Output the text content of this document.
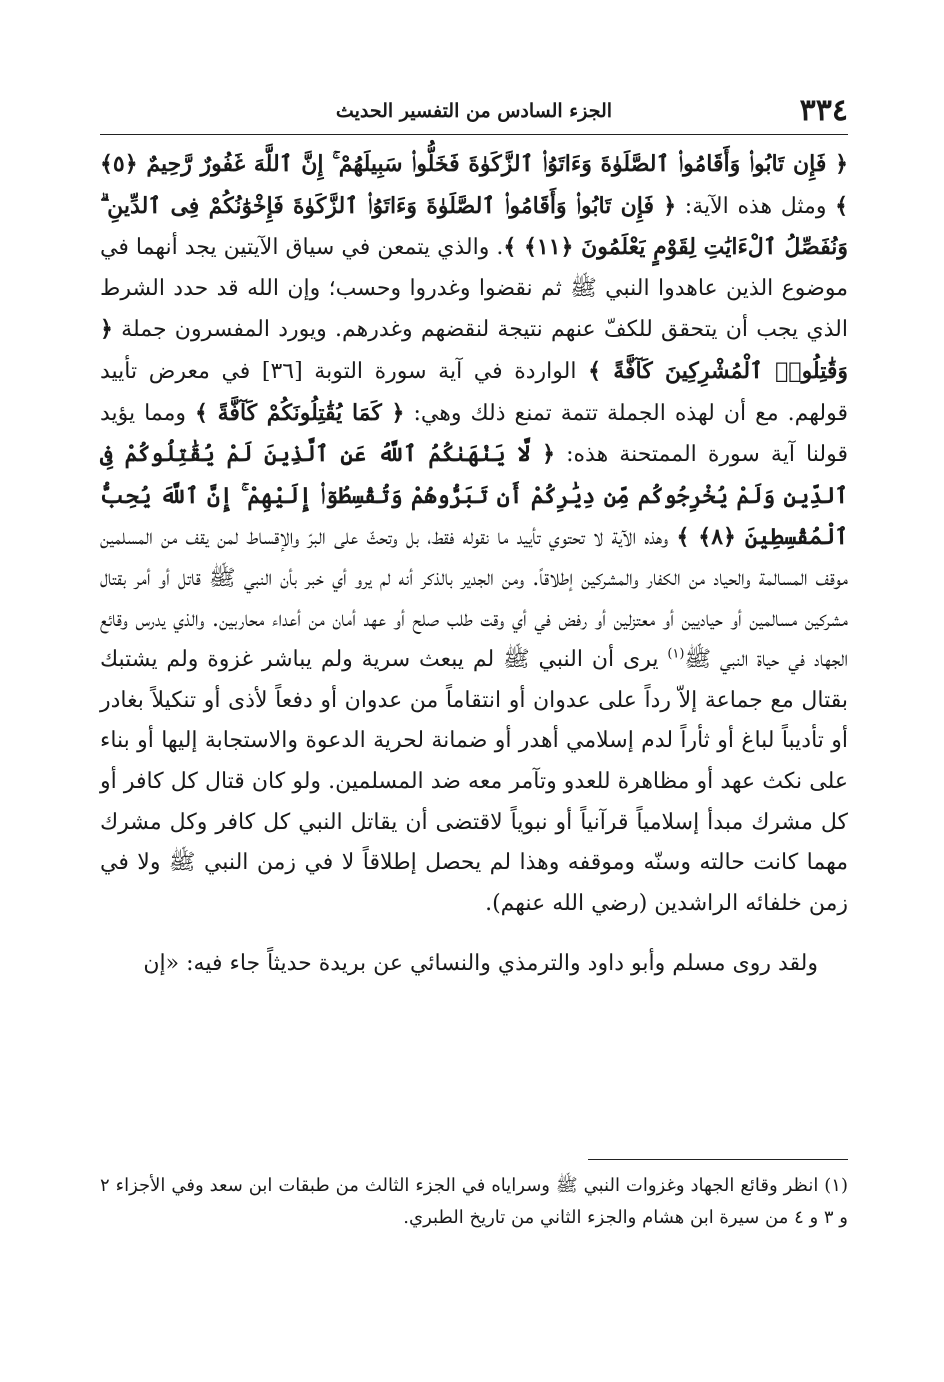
٣٣٤
الجزء السادس من التفسير الحديث

﴿ فَإِن تَابُوا۟ وَأَقَامُوا۟ ٱلصَّلَوٰةَ وَءَاتَوُا۟ ٱلزَّكَوٰةَ فَخَلُّوا۟ سَبِيلَهُمْ ۚ إِنَّ ٱللَّهَ غَفُورٌ رَّحِيمٌ ﴿٥﴾ ﴾ ومثل هذه الآية: ﴿ فَإِن تَابُوا۟ وَأَقَامُوا۟ ٱلصَّلَوٰةَ وَءَاتَوُا۟ ٱلزَّكَوٰةَ فَإِخْوَٰنُكُمْ فِى ٱلدِّينِ ۗ وَنُفَصِّلُ ٱلْءَايَٰتِ لِقَوْمٍ يَعْلَمُونَ ﴿١١﴾ ﴾. والذي يتمعن في سياق الآيتين يجد أنهما في موضوع الذين عاهدوا النبي ﷺ ثم نقضوا وغدروا وحسب؛ وإن الله قد حدد الشرط الذي يجب أن يتحقق للكفّ عنهم نتيجة لنقضهم وغدرهم. ويورد المفسرون جملة ﴿ وَقَٰتِلُوا۟ ٱلْمُشْرِكِينَ كَآفَّةً ﴾ الواردة في آية سورة التوبة [٣٦] في معرض تأييد قولهم. مع أن لهذه الجملة تتمة تمنع ذلك وهي: ﴿ كَمَا يُقَٰتِلُونَكُمْ كَآفَّةً ﴾ ومما يؤيد قولنا آية سورة الممتحنة هذه: ﴿ لَّا يَنْهَىٰكُمُ ٱللَّهُ عَنِ ٱلَّذِينَ لَمْ يُقَٰتِلُوكُمْ فِى ٱلدِّينِ وَلَمْ يُخْرِجُوكُم مِّن دِيَٰرِكُمْ أَن تَبَرُّوهُمْ وَتُقْسِطُوٓا۟ إِلَيْهِمْ ۚ إِنَّ ٱللَّهَ يُحِبُّ ٱلْمُقْسِطِينَ ﴿٨﴾ ﴾ وهذه الآية لا تحتوي تأييد ما نقوله فقط، بل وتحثّ على البرّ والإقساط لمن يقف من المسلمين موقف المسالمة والحياد من الكفار والمشركين إطلاقاً. ومن الجدير بالذكر أنه لم يرو أي خبر بأن النبي ﷺ قاتل أو أمر بقتال مشركين مسالمين أو حياديين أو معتزلين أو رفض في أي وقت طلب صلح أو عهد أمان من أعداء محاربين. والذي يدرس وقائع الجهاد في حياة النبي ﷺ$^{(١)}$ يرى أن النبي ﷺ لم يبعث سرية ولم يباشر غزوة ولم يشتبك بقتال مع جماعة إلاّ رداً على عدوان أو انتقاماً من عدوان أو دفعاً لأذى أو تنكيلاً بغادر أو تأديباً لباغ أو ثأراً لدم إسلامي أهدر أو ضمانة لحرية الدعوة والاستجابة إليها أو بناء على نكث عهد أو مظاهرة للعدو وتآمر معه ضد المسلمين. ولو كان قتال كل كافر أو كل مشرك مبدأ إسلامياً قرآنياً أو نبوياً لاقتضى أن يقاتل النبي كل كافر وكل مشرك مهما كانت حالته وسنّه وموقفه وهذا لم يحصل إطلاقاً لا في زمن النبي ﷺ ولا في زمن خلفائه الراشدين (رضي الله عنهم).

ولقد روى مسلم وأبو داود والترمذي والنسائي عن بريدة حديثاً جاء فيه: «إن

(١) انظر وقائع الجهاد وغزوات النبي ﷺ وسراياه في الجزء الثالث من طبقات ابن سعد وفي الأجزاء ٢ و ٣ و ٤ من سيرة ابن هشام والجزء الثاني من تاريخ الطبري.
